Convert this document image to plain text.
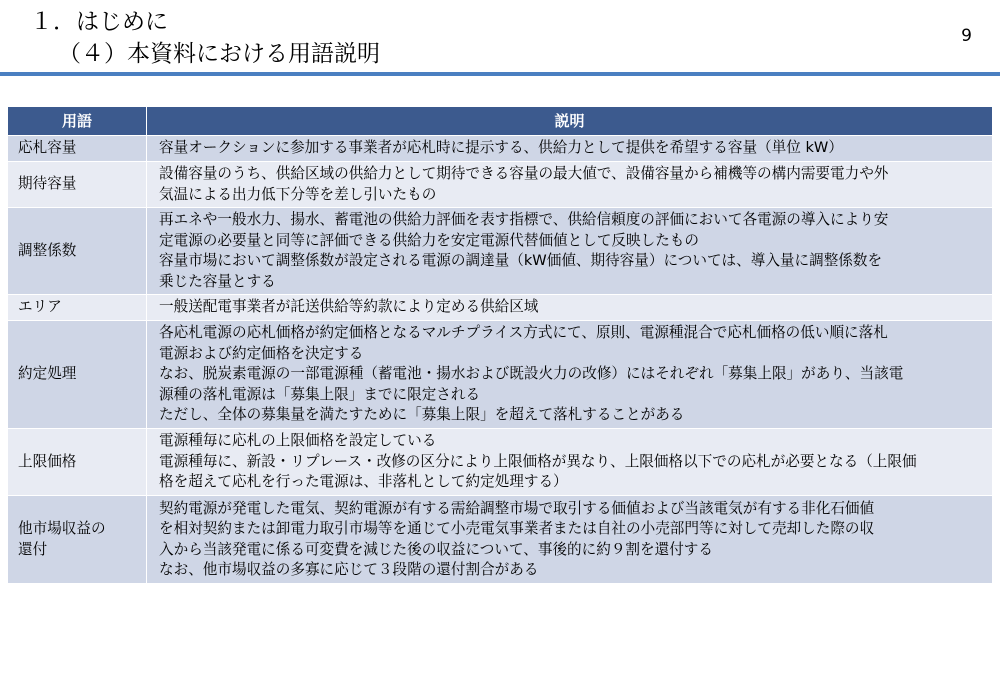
１．はじめに
（４）本資料における用語説明
9
用語	説明

応札容量	容量オークションに参加する事業者が応札時に提示する、供給力として提供を希望する容量（単位 kW）

期待容量	設備容量のうち、供給区域の供給力として期待できる容量の最大値で、設備容量から補機等の構内需要電力や外
気温による出力低下分等を差し引いたもの

調整係数	再エネや一般水力、揚水、蓄電池の供給力評価を表す指標で、供給信頼度の評価において各電源の導入により安
定電源の必要量と同等に評価できる供給力を安定電源代替価値として反映したもの
容量市場において調整係数が設定される電源の調達量（kW価値、期待容量）については、導入量に調整係数を
乗じた容量とする

エリア	一般送配電事業者が託送供給等約款により定める供給区域

約定処理	各応札電源の応札価格が約定価格となるマルチプライス方式にて、原則、電源種混合で応札価格の低い順に落札
電源および約定価格を決定する
なお、脱炭素電源の一部電源種（蓄電池・揚水および既設火力の改修）にはそれぞれ「募集上限」があり、当該電
源種の落札電源は「募集上限」までに限定される
ただし、全体の募集量を満たすために「募集上限」を超えて落札することがある

上限価格	電源種毎に応札の上限価格を設定している
電源種毎に、新設・リプレース・改修の区分により上限価格が異なり、上限価格以下での応札が必要となる（上限価
格を超えて応札を行った電源は、非落札として約定処理する）

他市場収益の
還付	契約電源が発電した電気、契約電源が有する需給調整市場で取引する価値および当該電気が有する非化石価値
を相対契約または卸電力取引市場等を通じて小売電気事業者または自社の小売部門等に対して売却した際の収
入から当該発電に係る可変費を減じた後の収益について、事後的に約９割を還付する
なお、他市場収益の多寡に応じて３段階の還付割合がある
